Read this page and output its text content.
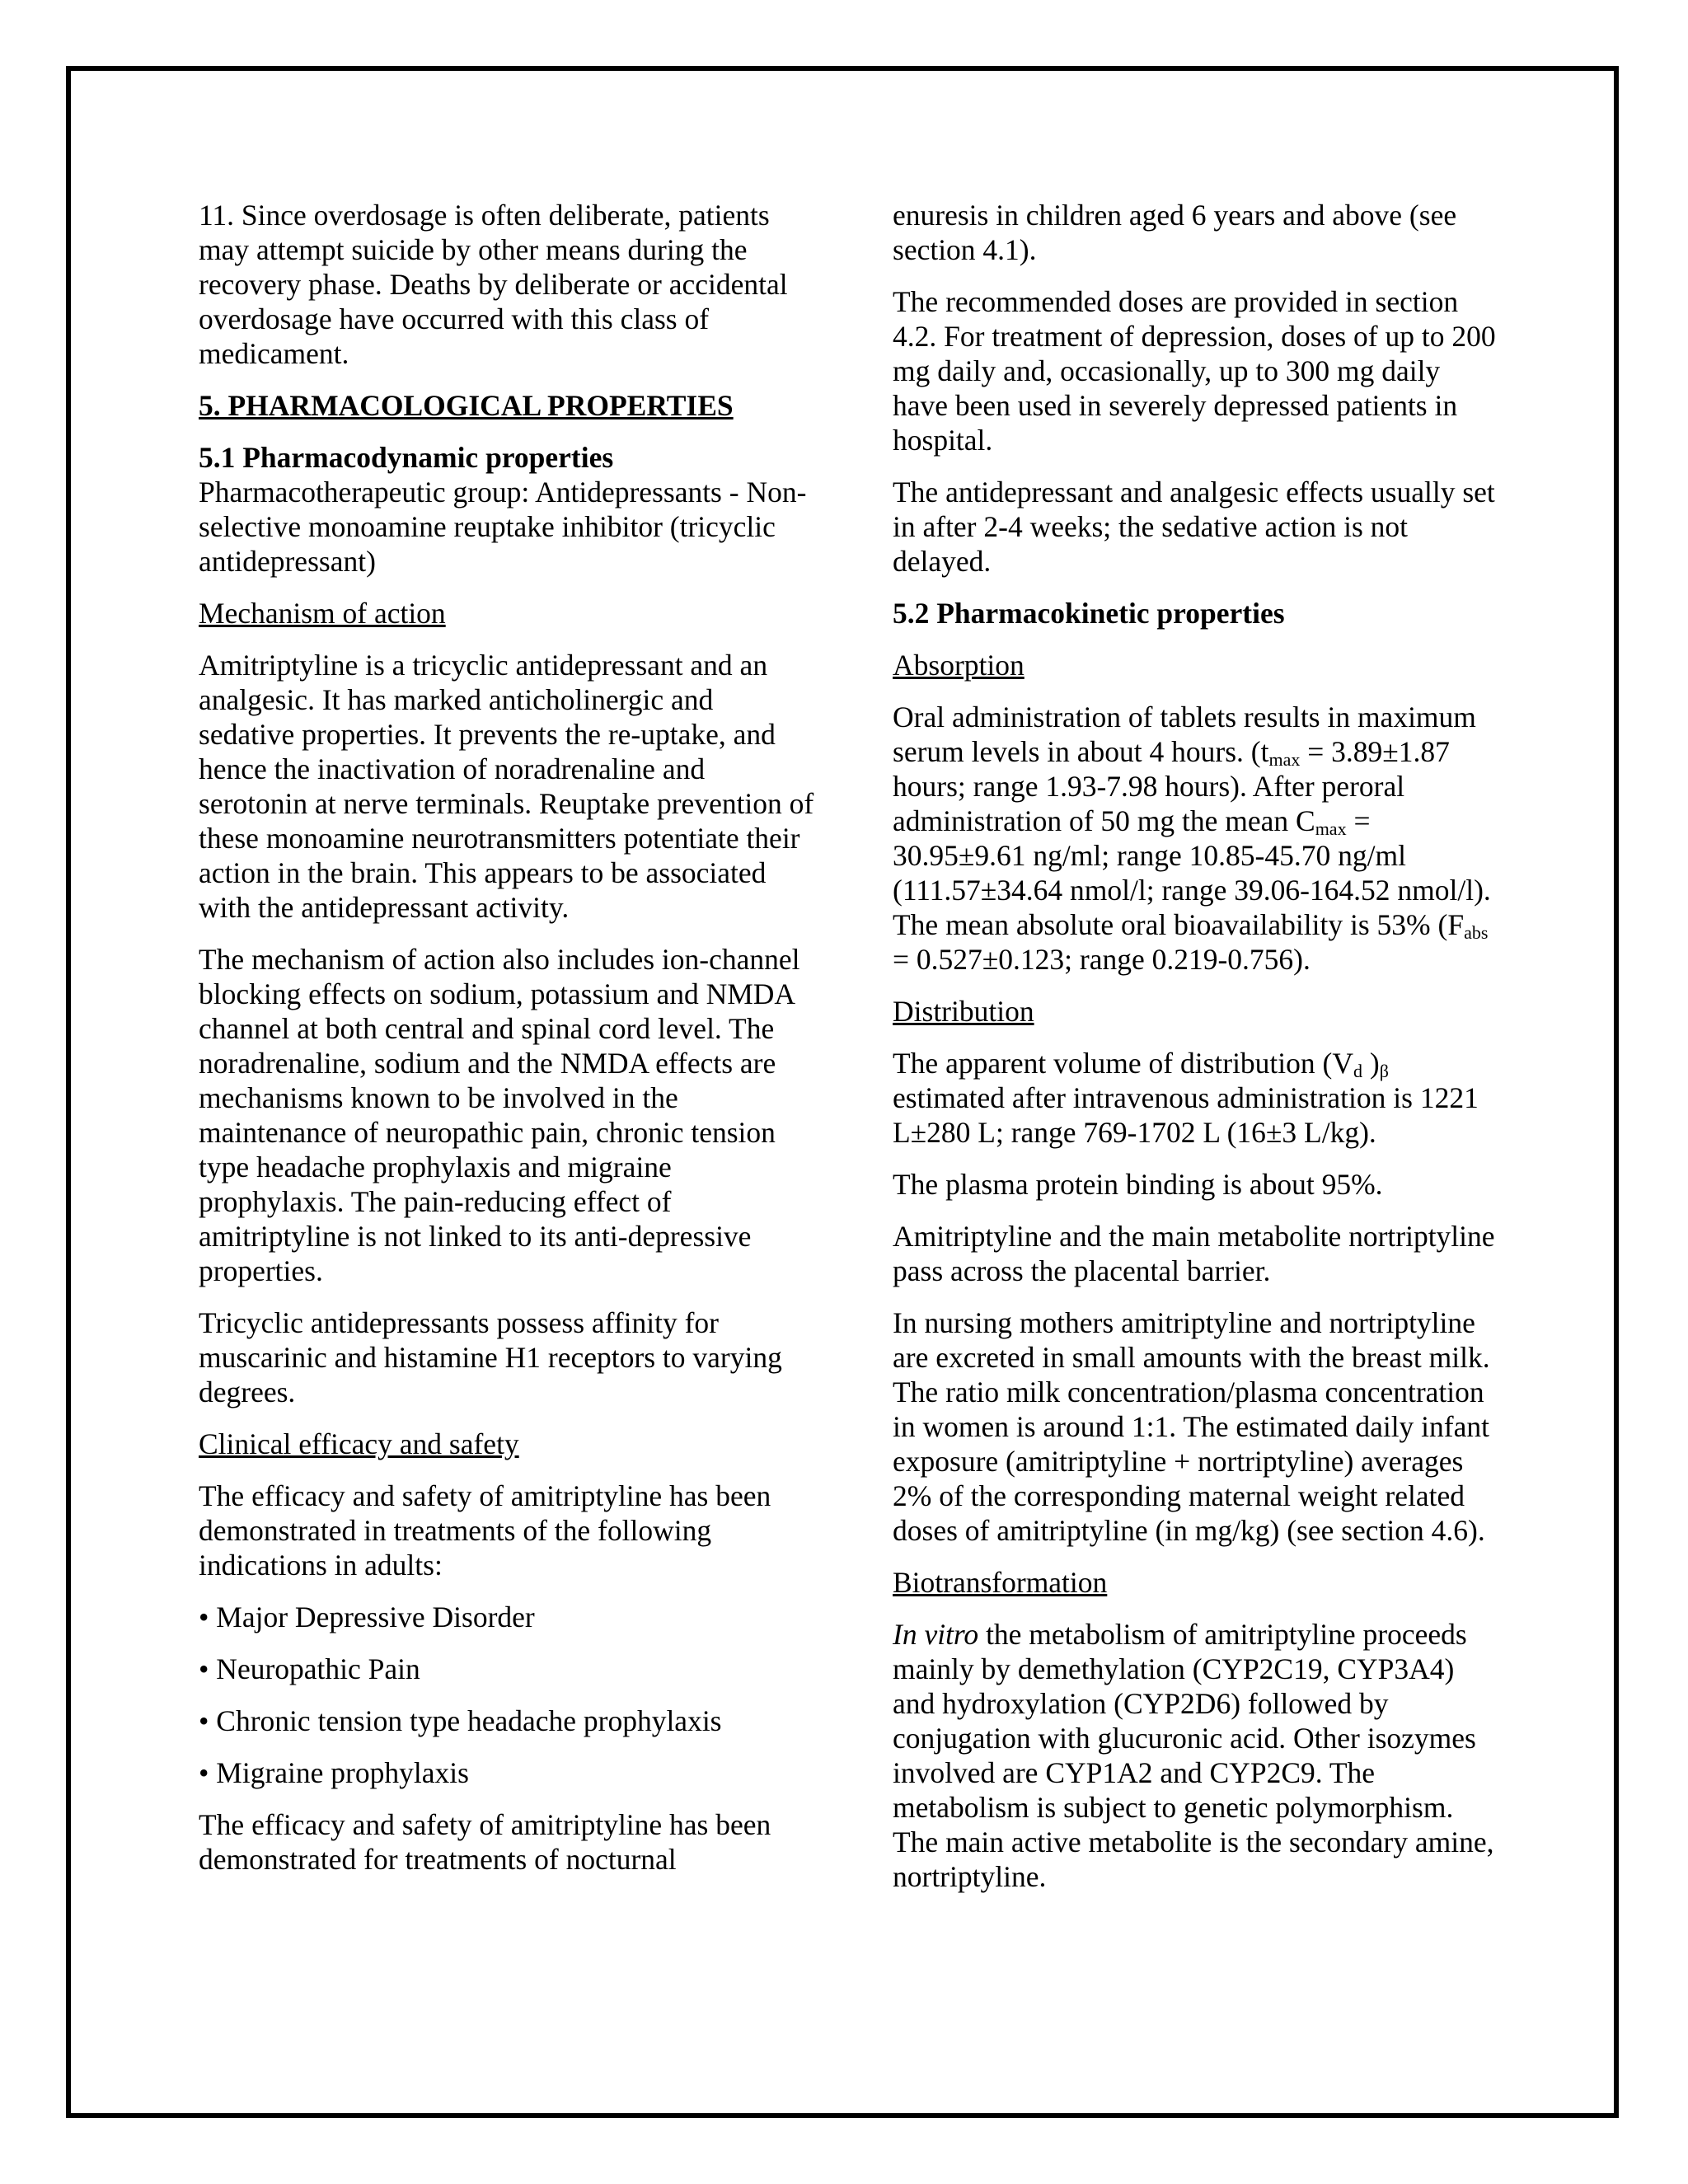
11. Since overdosage is often deliberate, patients may attempt suicide by other means during the recovery phase. Deaths by deliberate or accidental overdosage have occurred with this class of medicament.

5. PHARMACOLOGICAL PROPERTIES
5.1 Pharmacodynamic properties

Pharmacotherapeutic group: Antidepressants - Non-selective monoamine reuptake inhibitor (tricyclic antidepressant)

Mechanism of action

Amitriptyline is a tricyclic antidepressant and an analgesic. It has marked anticholinergic and sedative properties. It prevents the re-uptake, and hence the inactivation of noradrenaline and serotonin at nerve terminals. Reuptake prevention of these monoamine neurotransmitters potentiate their action in the brain. This appears to be associated with the antidepressant activity.

The mechanism of action also includes ion-channel blocking effects on sodium, potassium and NMDA channel at both central and spinal cord level. The noradrenaline, sodium and the NMDA effects are mechanisms known to be involved in the maintenance of neuropathic pain, chronic tension type headache prophylaxis and migraine prophylaxis. The pain-reducing effect of amitriptyline is not linked to its anti-depressive properties.

Tricyclic antidepressants possess affinity for muscarinic and histamine H1 receptors to varying degrees.

Clinical efficacy and safety

The efficacy and safety of amitriptyline has been demonstrated in treatments of the following indications in adults:

• Major Depressive Disorder

• Neuropathic Pain

• Chronic tension type headache prophylaxis

• Migraine prophylaxis

The efficacy and safety of amitriptyline has been demonstrated for treatments of nocturnal

enuresis in children aged 6 years and above (see section 4.1).

The recommended doses are provided in section 4.2. For treatment of depression, doses of up to 200 mg daily and, occasionally, up to 300 mg daily have been used in severely depressed patients in hospital.

The antidepressant and analgesic effects usually set in after 2-4 weeks; the sedative action is not delayed.

5.2 Pharmacokinetic properties

Absorption

Oral administration of tablets results in maximum serum levels in about 4 hours. ($t_{max} = 3.89\pm 1.87$ hours; range 1.93-7.98 hours). After peroral administration of 50 mg the mean $C_{max} = 30.95\pm 9.61$ ng/ml; range 10.85-45.70 ng/ml (111.57±34.64 nmol/l; range 39.06-164.52 nmol/l). The mean absolute oral bioavailability is 53% ($F_{abs} = 0.527\pm 0.123$; range 0.219-0.756).

Distribution

The apparent volume of distribution ($V_d$ )$_\beta$ estimated after intravenous administration is 1221 L±280 L; range 769-1702 L (16±3 L/kg).

The plasma protein binding is about 95%.

Amitriptyline and the main metabolite nortriptyline pass across the placental barrier.

In nursing mothers amitriptyline and nortriptyline are excreted in small amounts with the breast milk. The ratio milk concentration/plasma concentration in women is around 1:1. The estimated daily infant exposure (amitriptyline + nortriptyline) averages 2% of the corresponding maternal weight related doses of amitriptyline (in mg/kg) (see section 4.6).

Biotransformation

In vitro the metabolism of amitriptyline proceeds mainly by demethylation (CYP2C19, CYP3A4) and hydroxylation (CYP2D6) followed by conjugation with glucuronic acid. Other isozymes involved are CYP1A2 and CYP2C9. The metabolism is subject to genetic polymorphism. The main active metabolite is the secondary amine, nortriptyline.
